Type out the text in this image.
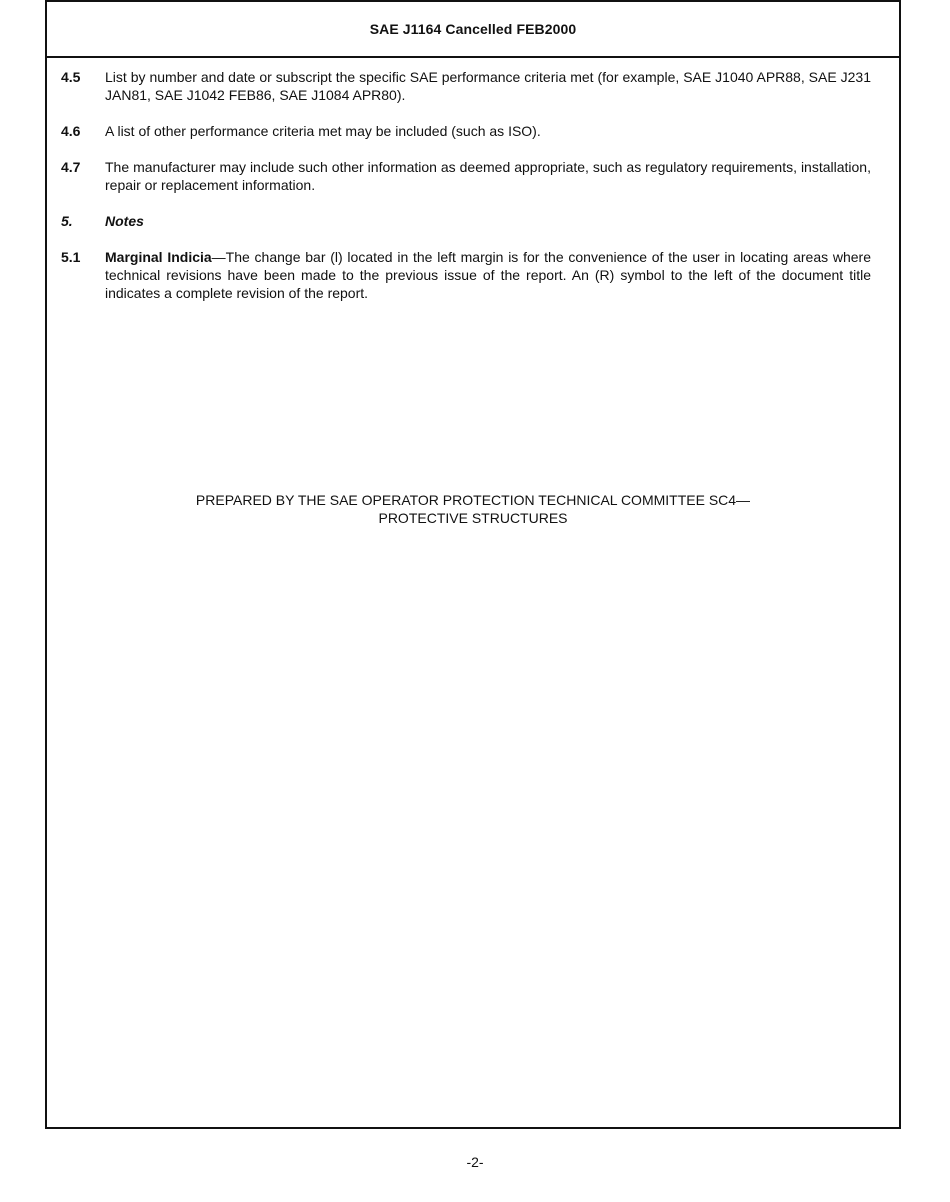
SAE J1164 Cancelled FEB2000
4.5	List by number and date or subscript the specific SAE performance criteria met (for example, SAE J1040 APR88, SAE J231 JAN81, SAE J1042 FEB86, SAE J1084 APR80).
4.6	A list of other performance criteria met may be included (such as ISO).
4.7	The manufacturer may include such other information as deemed appropriate, such as regulatory requirements, installation, repair or replacement information.
5.	Notes
5.1	Marginal Indicia—The change bar (l) located in the left margin is for the convenience of the user in locating areas where technical revisions have been made to the previous issue of the report. An (R) symbol to the left of the document title indicates a complete revision of the report.
PREPARED BY THE SAE OPERATOR PROTECTION TECHNICAL COMMITTEE SC4—
PROTECTIVE STRUCTURES
-2-
